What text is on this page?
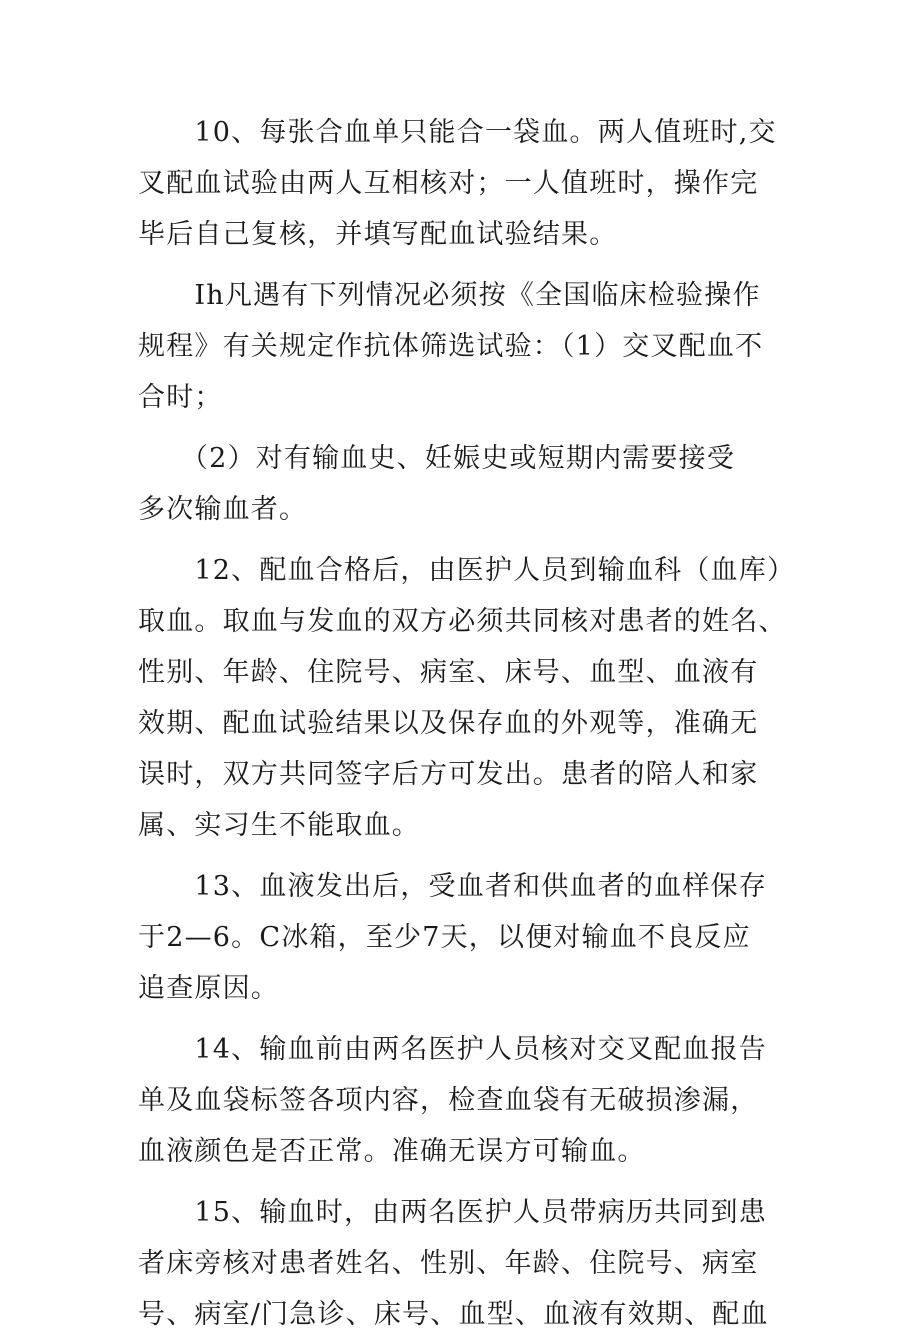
　　10、每张合血单只能合一袋血。两人值班时,交
叉配血试验由两人互相核对；一人值班时，操作完
毕后自己复核，并填写配血试验结果。
　　Ih凡遇有下列情况必须按《全国临床检验操作
规程》有关规定作抗体筛选试验：（1）交叉配血不
合时；
　　（2）对有输血史、妊娠史或短期内需要接受
多次输血者。
　　12、配血合格后，由医护人员到输血科（血库）
取血。取血与发血的双方必须共同核对患者的姓名、
性别、年龄、住院号、病室、床号、血型、血液有
效期、配血试验结果以及保存血的外观等，准确无
误时，双方共同签字后方可发出。患者的陪人和家
属、实习生不能取血。
　　13、血液发出后，受血者和供血者的血样保存
于2—6。C冰箱，至少7天，以便对输血不良反应
追查原因。
　　14、输血前由两名医护人员核对交叉配血报告
单及血袋标签各项内容，检查血袋有无破损渗漏，
血液颜色是否正常。准确无误方可输血。
　　15、输血时，由两名医护人员带病历共同到患
者床旁核对患者姓名、性别、年龄、住院号、病室
号、病室/门急诊、床号、血型、血液有效期、配血
